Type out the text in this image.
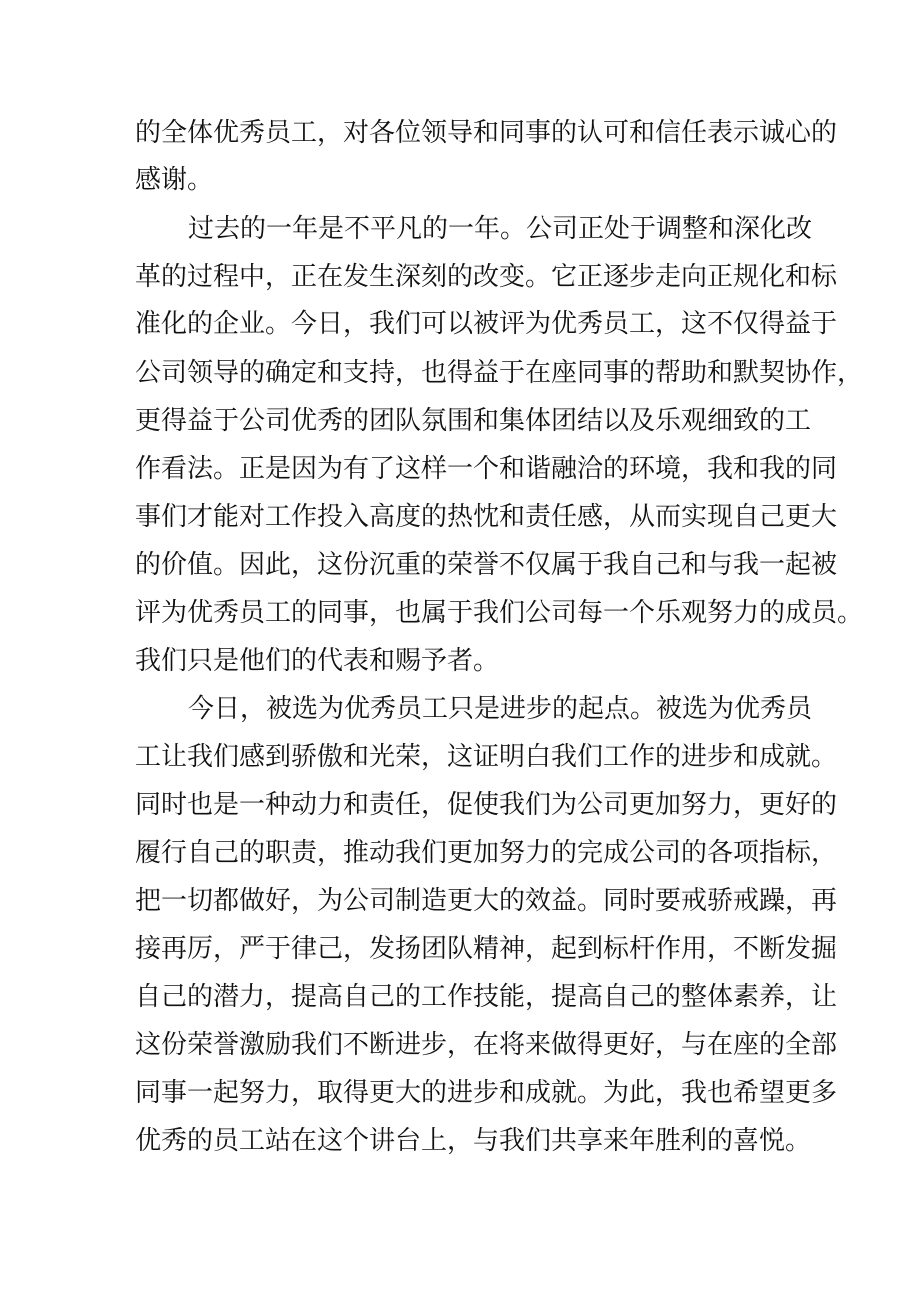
的全体优秀员工，对各位领导和同事的认可和信任表示诚心的
感谢。
过去的一年是不平凡的一年。公司正处于调整和深化改
革的过程中，正在发生深刻的改变。它正逐步走向正规化和标
准化的企业。今日，我们可以被评为优秀员工，这不仅得益于
公司领导的确定和支持，也得益于在座同事的帮助和默契协作，
更得益于公司优秀的团队氛围和集体团结以及乐观细致的工
作看法。正是因为有了这样一个和谐融洽的环境，我和我的同
事们才能对工作投入高度的热忱和责任感，从而实现自己更大
的价值。因此，这份沉重的荣誉不仅属于我自己和与我一起被
评为优秀员工的同事，也属于我们公司每一个乐观努力的成员。
我们只是他们的代表和赐予者。
今日，被选为优秀员工只是进步的起点。被选为优秀员
工让我们感到骄傲和光荣，这证明白我们工作的进步和成就。
同时也是一种动力和责任，促使我们为公司更加努力，更好的
履行自己的职责，推动我们更加努力的完成公司的各项指标，
把一切都做好，为公司制造更大的效益。同时要戒骄戒躁，再
接再厉，严于律己，发扬团队精神，起到标杆作用，不断发掘
自己的潜力，提高自己的工作技能，提高自己的整体素养，让
这份荣誉激励我们不断进步，在将来做得更好，与在座的全部
同事一起努力，取得更大的进步和成就。为此，我也希望更多
优秀的员工站在这个讲台上，与我们共享来年胜利的喜悦。
